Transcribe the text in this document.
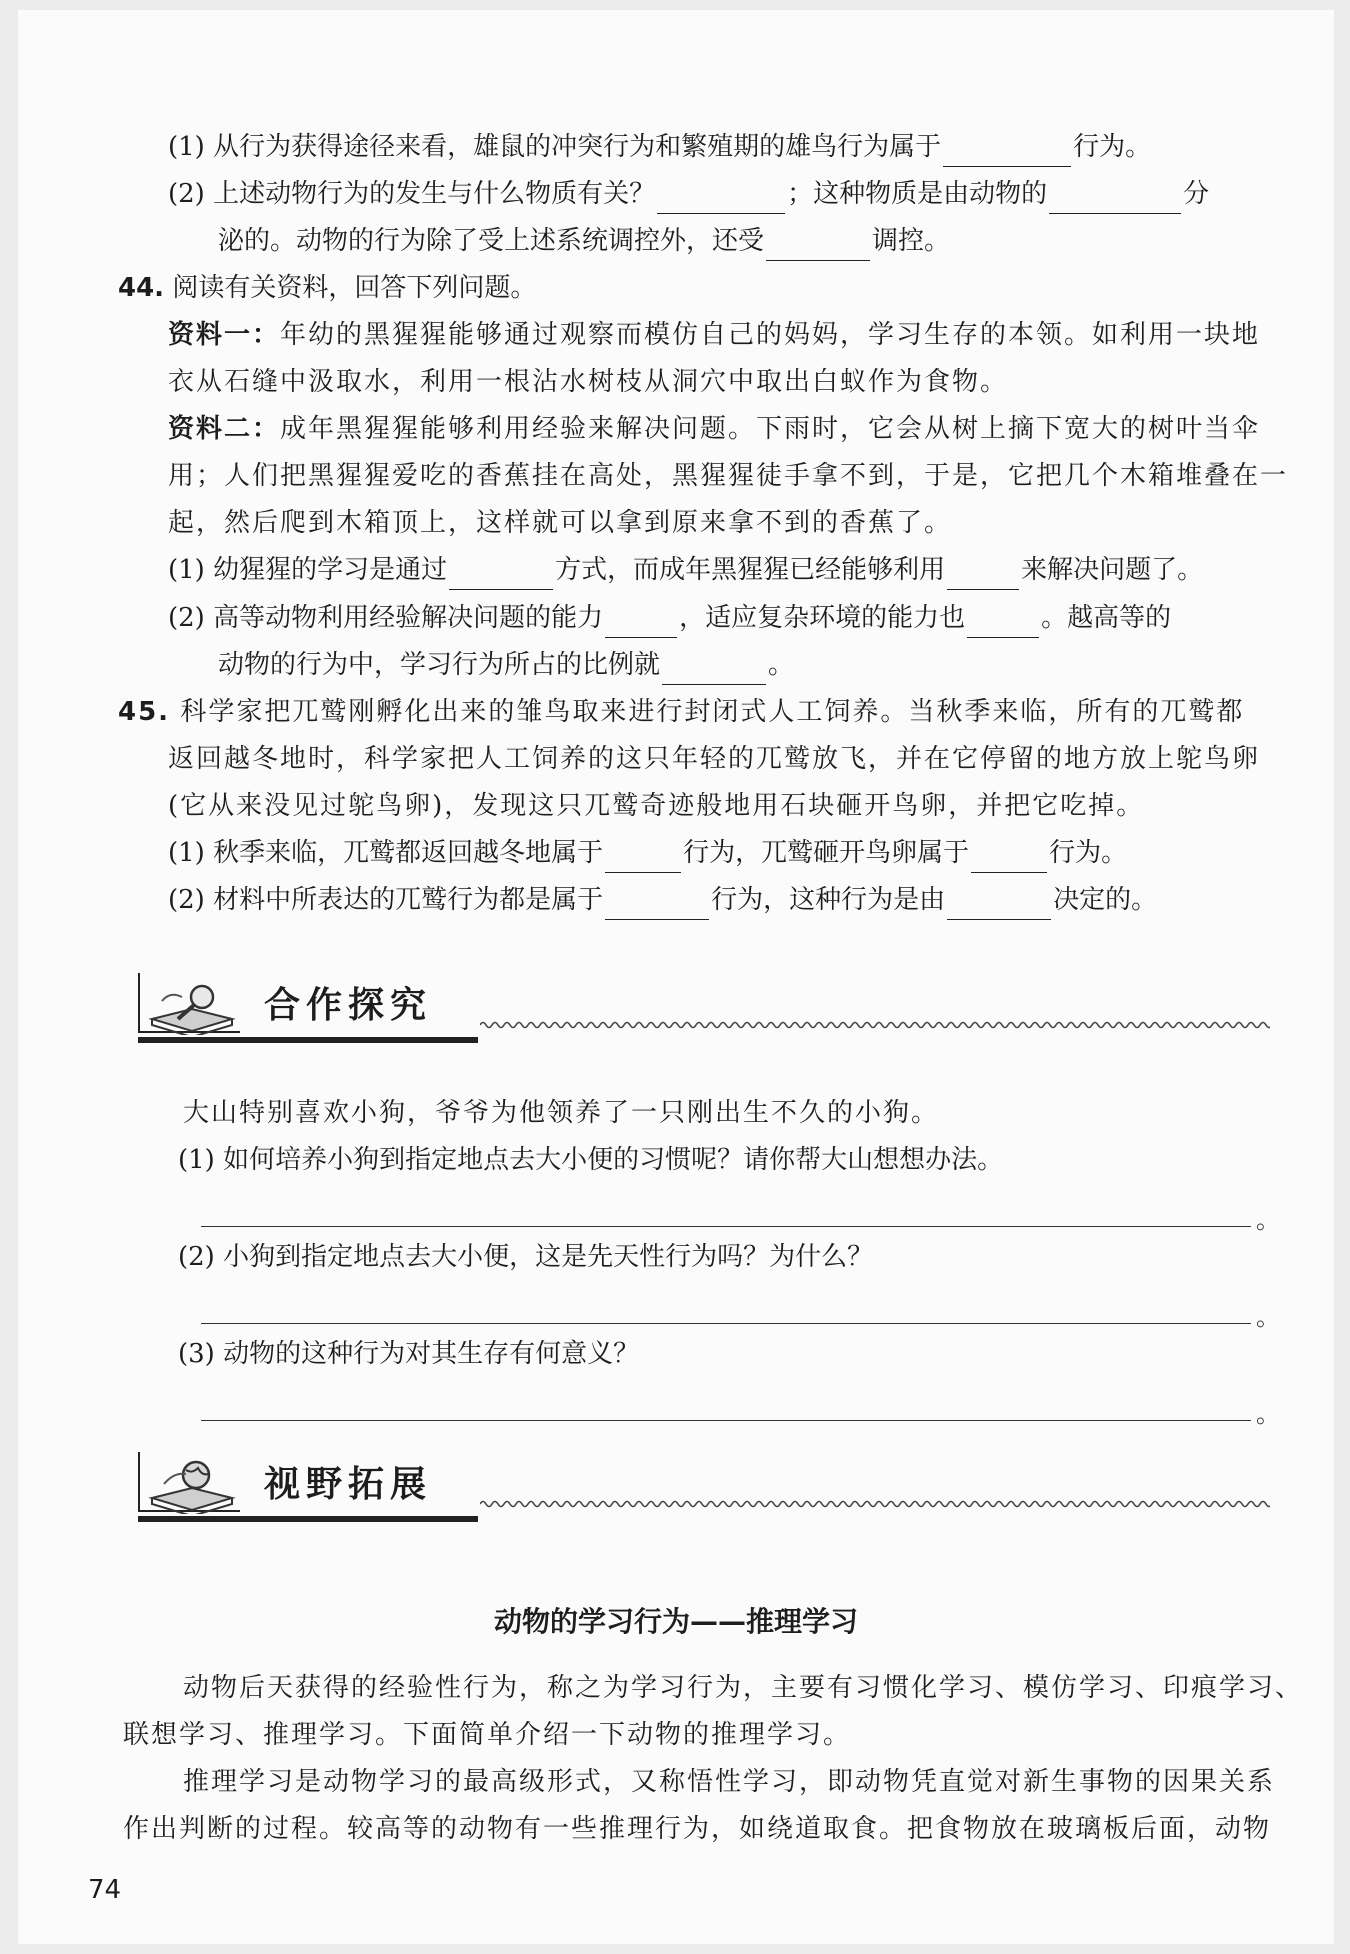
(1) 从行为获得途径来看，雄鼠的冲突行为和繁殖期的雄鸟行为属于	行为。
(2) 上述动物行为的发生与什么物质有关？	；这种物质是由动物的	分
泌的。动物的行为除了受上述系统调控外，还受	调控。
44. 阅读有关资料，回答下列问题。
资料一：年幼的黑猩猩能够通过观察而模仿自己的妈妈，学习生存的本领。如利用一块地
衣从石缝中汲取水，利用一根沾水树枝从洞穴中取出白蚁作为食物。
资料二：成年黑猩猩能够利用经验来解决问题。下雨时，它会从树上摘下宽大的树叶当伞
用；人们把黑猩猩爱吃的香蕉挂在高处，黑猩猩徒手拿不到，于是，它把几个木箱堆叠在一
起，然后爬到木箱顶上，这样就可以拿到原来拿不到的香蕉了。
(1) 幼猩猩的学习是通过	方式，而成年黑猩猩已经能够利用	来解决问题了。
(2) 高等动物利用经验解决问题的能力	，适应复杂环境的能力也	。越高等的
动物的行为中，学习行为所占的比例就	。
45. 科学家把兀鹫刚孵化出来的雏鸟取来进行封闭式人工饲养。当秋季来临，所有的兀鹫都
返回越冬地时，科学家把人工饲养的这只年轻的兀鹫放飞，并在它停留的地方放上鸵鸟卵
(它从来没见过鸵鸟卵)，发现这只兀鹫奇迹般地用石块砸开鸟卵，并把它吃掉。
(1) 秋季来临，兀鹫都返回越冬地属于	行为，兀鹫砸开鸟卵属于	行为。
(2) 材料中所表达的兀鹫行为都是属于	行为，这种行为是由	决定的。
合作探究
大山特别喜欢小狗，爷爷为他领养了一只刚出生不久的小狗。
(1) 如何培养小狗到指定地点去大小便的习惯呢？请你帮大山想想办法。
。
(2) 小狗到指定地点去大小便，这是先天性行为吗？为什么？
。
(3) 动物的这种行为对其生存有何意义？
。
视野拓展
动物的学习行为——推理学习
动物后天获得的经验性行为，称之为学习行为，主要有习惯化学习、模仿学习、印痕学习、
联想学习、推理学习。下面简单介绍一下动物的推理学习。
推理学习是动物学习的最高级形式，又称悟性学习，即动物凭直觉对新生事物的因果关系
作出判断的过程。较高等的动物有一些推理行为，如绕道取食。把食物放在玻璃板后面，动物
74
